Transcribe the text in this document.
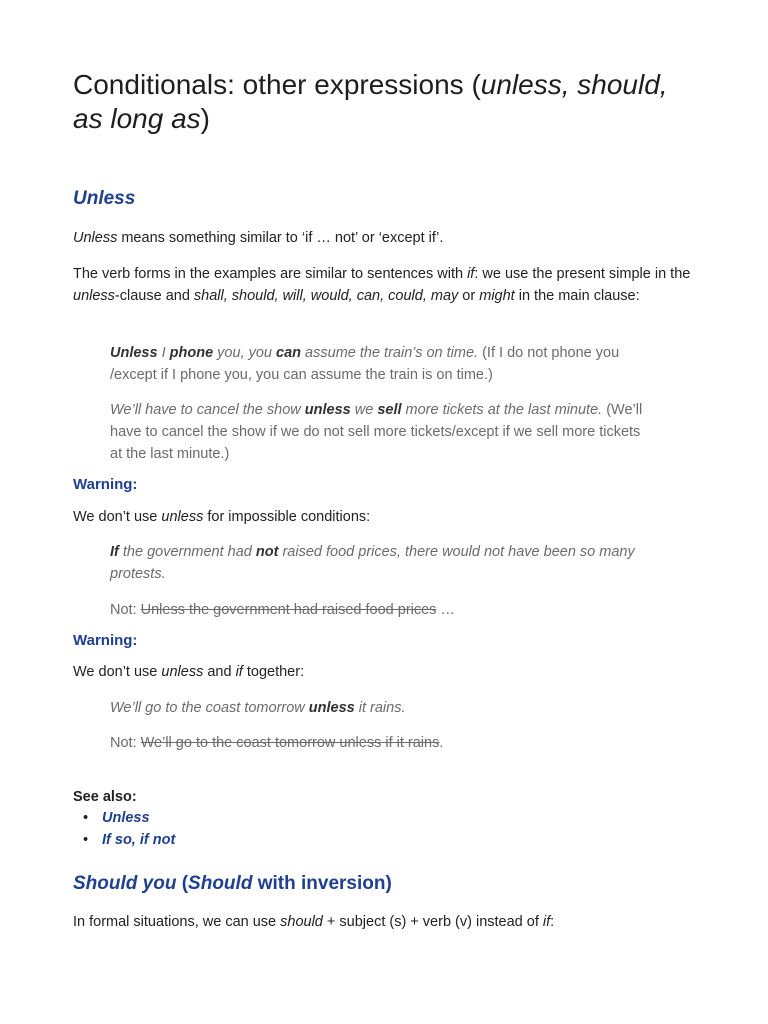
Conditionals: other expressions (unless, should, as long as)
Unless

Unless means something similar to ‘if … not’ or ‘except if’.

The verb forms in the examples are similar to sentences with if: we use the present simple in the unless-clause and shall, should, will, would, can, could, may or might in the main clause:

Unless I phone you, you can assume the train’s on time. (If I do not phone you /except if I phone you, you can assume the train is on time.)

We’ll have to cancel the show unless we sell more tickets at the last minute. (We’ll have to cancel the show if we do not sell more tickets/except if we sell more tickets at the last minute.)

Warning:

We don’t use unless for impossible conditions:

If the government had not raised food prices, there would not have been so many protests.

Not: Unless the government had raised food prices …

Warning:

We don’t use unless and if together:

We’ll go to the coast tomorrow unless it rains.

Not: We’ll go to the coast tomorrow unless if it rains.

See also:

• Unless
• If so, if not
Should you (Should with inversion)

In formal situations, we can use should + subject (s) + verb (v) instead of if:
